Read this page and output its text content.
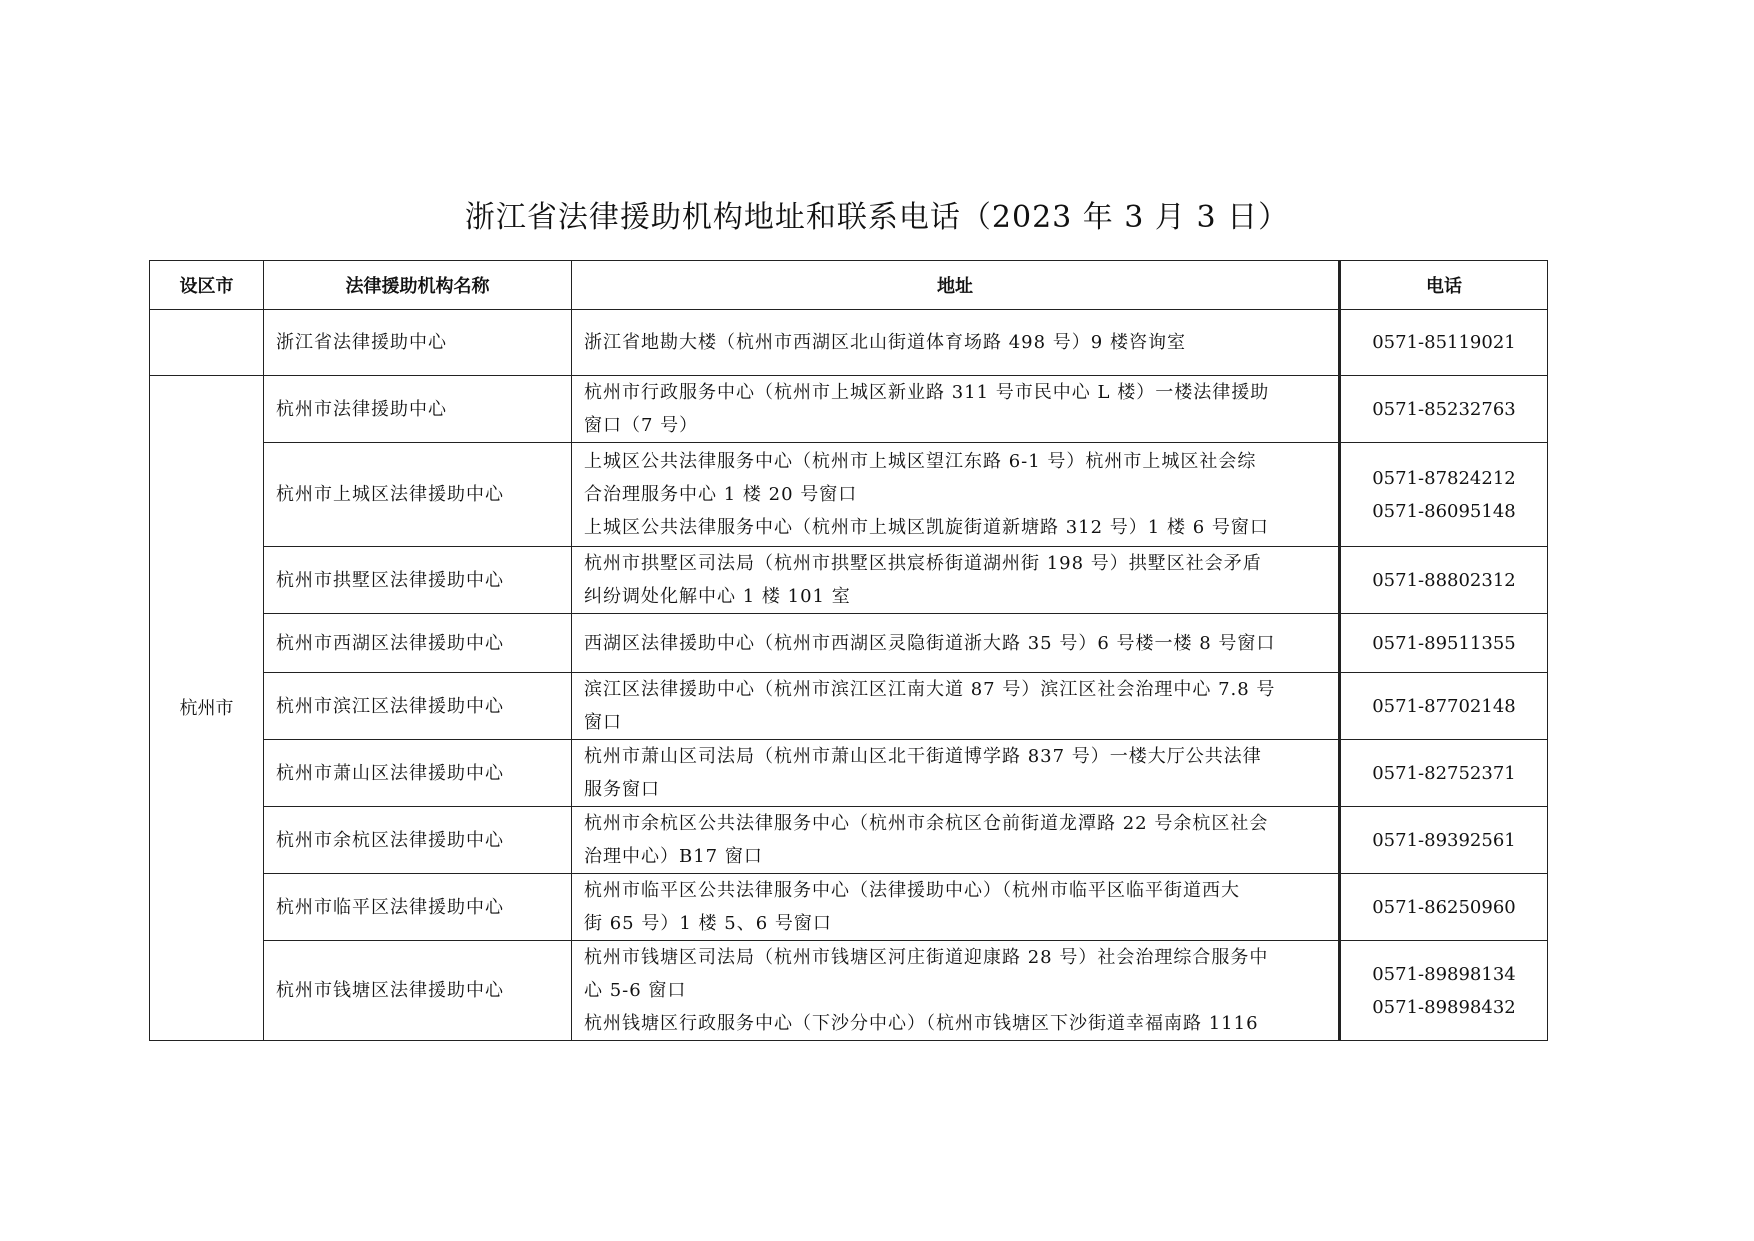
浙江省法律援助机构地址和联系电话（2023 年 3 月 3 日）
设区市	法律援助机构名称	地址	电话
	浙江省法律援助中心	浙江省地勘大楼（杭州市西湖区北山街道体育场路 498 号）9 楼咨询室	0571-85119021

杭州市	杭州市法律援助中心	杭州市行政服务中心（杭州市上城区新业路 311 号市民中心 L 楼）一楼法律援助
窗口（7 号）	0571-85232763

	杭州市上城区法律援助中心	上城区公共法律服务中心（杭州市上城区望江东路 6-1 号）杭州市上城区社会综
合治理服务中心 1 楼 20 号窗口
上城区公共法律服务中心（杭州市上城区凯旋街道新塘路 312 号）1 楼 6 号窗口	0571-87824212
0571-86095148

	杭州市拱墅区法律援助中心	杭州市拱墅区司法局（杭州市拱墅区拱宸桥街道湖州街 198 号）拱墅区社会矛盾
纠纷调处化解中心 1 楼 101 室	0571-88802312

	杭州市西湖区法律援助中心	西湖区法律援助中心（杭州市西湖区灵隐街道浙大路 35 号）6 号楼一楼 8 号窗口	0571-89511355

	杭州市滨江区法律援助中心	滨江区法律援助中心（杭州市滨江区江南大道 87 号）滨江区社会治理中心 7.8 号
窗口	0571-87702148

	杭州市萧山区法律援助中心	杭州市萧山区司法局（杭州市萧山区北干街道博学路 837 号）一楼大厅公共法律
服务窗口	0571-82752371

	杭州市余杭区法律援助中心	杭州市余杭区公共法律服务中心（杭州市余杭区仓前街道龙潭路 22 号余杭区社会
治理中心）B17 窗口	0571-89392561

	杭州市临平区法律援助中心	杭州市临平区公共法律服务中心（法律援助中心）（杭州市临平区临平街道西大
街 65 号）1 楼 5、6 号窗口	0571-86250960

	杭州市钱塘区法律援助中心	杭州市钱塘区司法局（杭州市钱塘区河庄街道迎康路 28 号）社会治理综合服务中
心 5-6 窗口
杭州钱塘区行政服务中心（下沙分中心）（杭州市钱塘区下沙街道幸福南路 1116	0571-89898134
0571-89898432
